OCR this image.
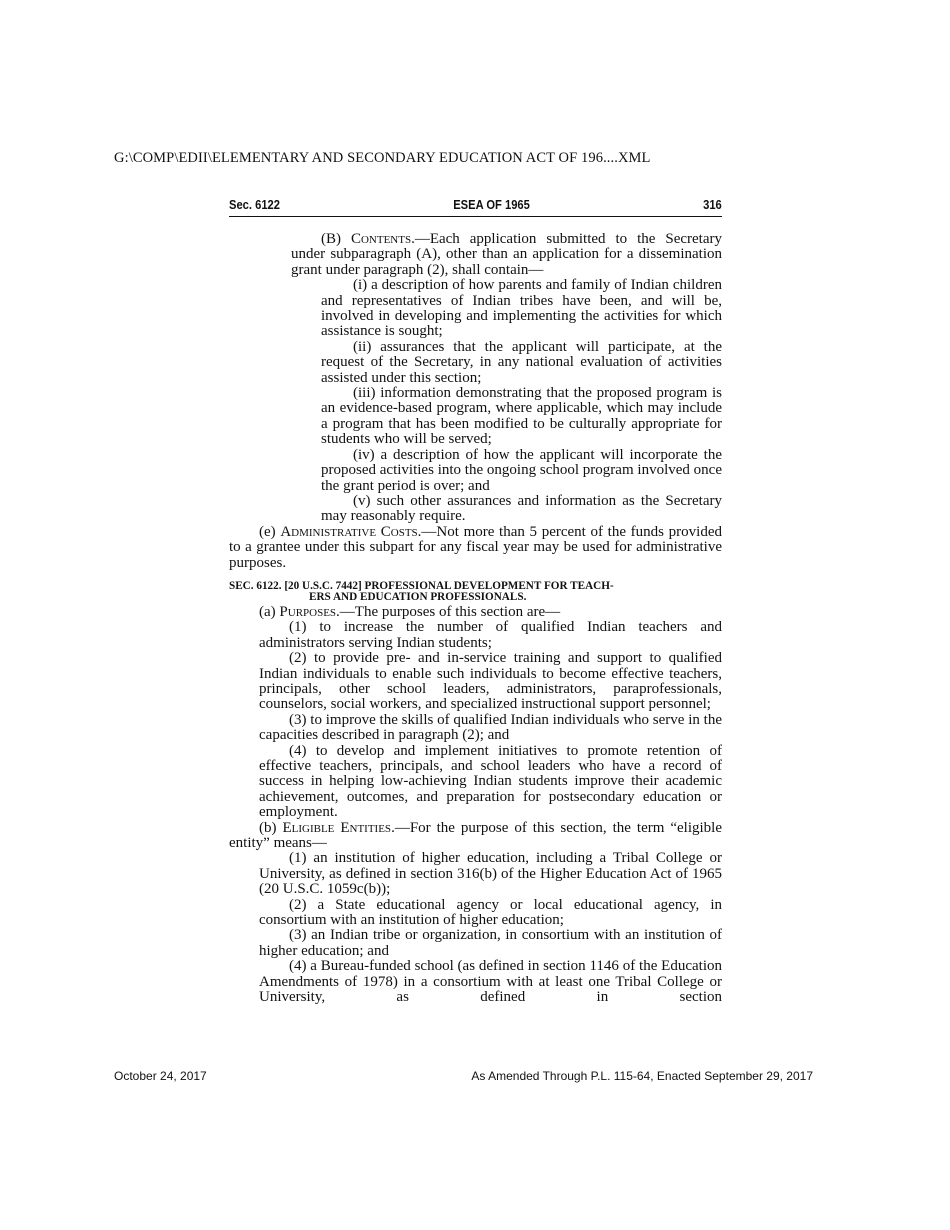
G:\COMP\EDII\ELEMENTARY AND SECONDARY EDUCATION ACT OF 196....XML
Sec. 6122	ESEA OF 1965	316

(B) Contents.—Each application submitted to the Secretary under subparagraph (A), other than an application for a dissemination grant under paragraph (2), shall contain—

(i) a description of how parents and family of Indian children and representatives of Indian tribes have been, and will be, involved in developing and implementing the activities for which assistance is sought;

(ii) assurances that the applicant will participate, at the request of the Secretary, in any national evaluation of activities assisted under this section;

(iii) information demonstrating that the proposed program is an evidence-based program, where applicable, which may include a program that has been modified to be culturally appropriate for students who will be served;

(iv) a description of how the applicant will incorporate the proposed activities into the ongoing school program involved once the grant period is over; and

(v) such other assurances and information as the Secretary may reasonably require.

(e) Administrative Costs.—Not more than 5 percent of the funds provided to a grantee under this subpart for any fiscal year may be used for administrative purposes.

SEC. 6122. [20 U.S.C. 7442] PROFESSIONAL DEVELOPMENT FOR TEACH-
ERS AND EDUCATION PROFESSIONALS.

(a) Purposes.—The purposes of this section are—

(1) to increase the number of qualified Indian teachers and administrators serving Indian students;

(2) to provide pre- and in-service training and support to qualified Indian individuals to enable such individuals to become effective teachers, principals, other school leaders, administrators, paraprofessionals, counselors, social workers, and specialized instructional support personnel;

(3) to improve the skills of qualified Indian individuals who serve in the capacities described in paragraph (2); and

(4) to develop and implement initiatives to promote retention of effective teachers, principals, and school leaders who have a record of success in helping low-achieving Indian students improve their academic achievement, outcomes, and preparation for postsecondary education or employment.

(b) Eligible Entities.—For the purpose of this section, the term “eligible entity” means—

(1) an institution of higher education, including a Tribal College or University, as defined in section 316(b) of the Higher Education Act of 1965 (20 U.S.C. 1059c(b));

(2) a State educational agency or local educational agency, in consortium with an institution of higher education;

(3) an Indian tribe or organization, in consortium with an institution of higher education; and

(4) a Bureau-funded school (as defined in section 1146 of the Education Amendments of 1978) in a consortium with at least one Tribal College or University, as defined in section

October 24, 2017	As Amended Through P.L. 115-64, Enacted September 29, 2017
